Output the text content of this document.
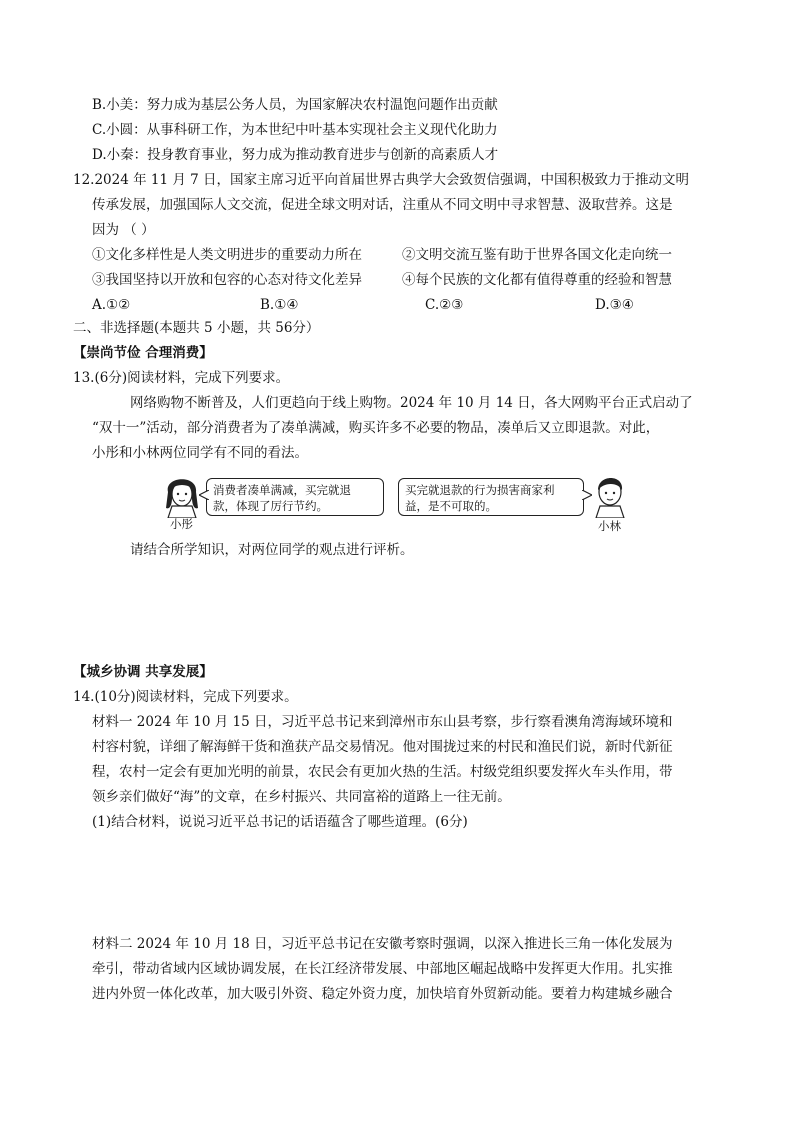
B.小美：努力成为基层公务人员，为国家解决农村温饱问题作出贡献
C.小圆：从事科研工作，为本世纪中叶基本实现社会主义现代化助力
D.小秦：投身教育事业，努力成为推动教育进步与创新的高素质人才
12.2024 年 11 月 7 日，国家主席习近平向首届世界古典学大会致贺信强调，中国积极致力于推动文明
传承发展，加强国际人文交流，促进全球文明对话，注重从不同文明中寻求智慧、汲取营养。这是
因为 （ ）
①文化多样性是人类文明进步的重要动力所在	②文明交流互鉴有助于世界各国文化走向统一
③我国坚持以开放和包容的心态对待文化差异	④每个民族的文化都有值得尊重的经验和智慧
A.①②	B.①④	C.②③	D.③④
二、非选择题(本题共 5 小题，共 56分）
【崇尚节俭 合理消费】
13.(6分)阅读材料，完成下列要求。
网络购物不断普及，人们更趋向于线上购物。2024 年 10 月 14 日，各大网购平台正式启动了
“双十一”活动，部分消费者为了凑单满减，购买许多不必要的物品，凑单后又立即退款。对此，
小彤和小林两位同学有不同的看法。
小彤
消费者凑单满减，买完就退
款，体现了厉行节约。
买完就退款的行为损害商家利
益，是不可取的。
小林
请结合所学知识，对两位同学的观点进行评析。
【城乡协调 共享发展】
14.(10分)阅读材料，完成下列要求。
材料一 2024 年 10 月 15 日，习近平总书记来到漳州市东山县考察，步行察看澳角湾海域环境和
村容村貌，详细了解海鲜干货和渔获产品交易情况。他对围拢过来的村民和渔民们说，新时代新征
程，农村一定会有更加光明的前景，农民会有更加火热的生活。村级党组织要发挥火车头作用，带
领乡亲们做好“海”的文章，在乡村振兴、共同富裕的道路上一往无前。
(1)结合材料，说说习近平总书记的话语蕴含了哪些道理。(6分)
材料二 2024 年 10 月 18 日，习近平总书记在安徽考察时强调，以深入推进长三角一体化发展为
牵引，带动省域内区域协调发展，在长江经济带发展、中部地区崛起战略中发挥更大作用。扎实推
进内外贸一体化改革，加大吸引外资、稳定外资力度，加快培育外贸新动能。要着力构建城乡融合
